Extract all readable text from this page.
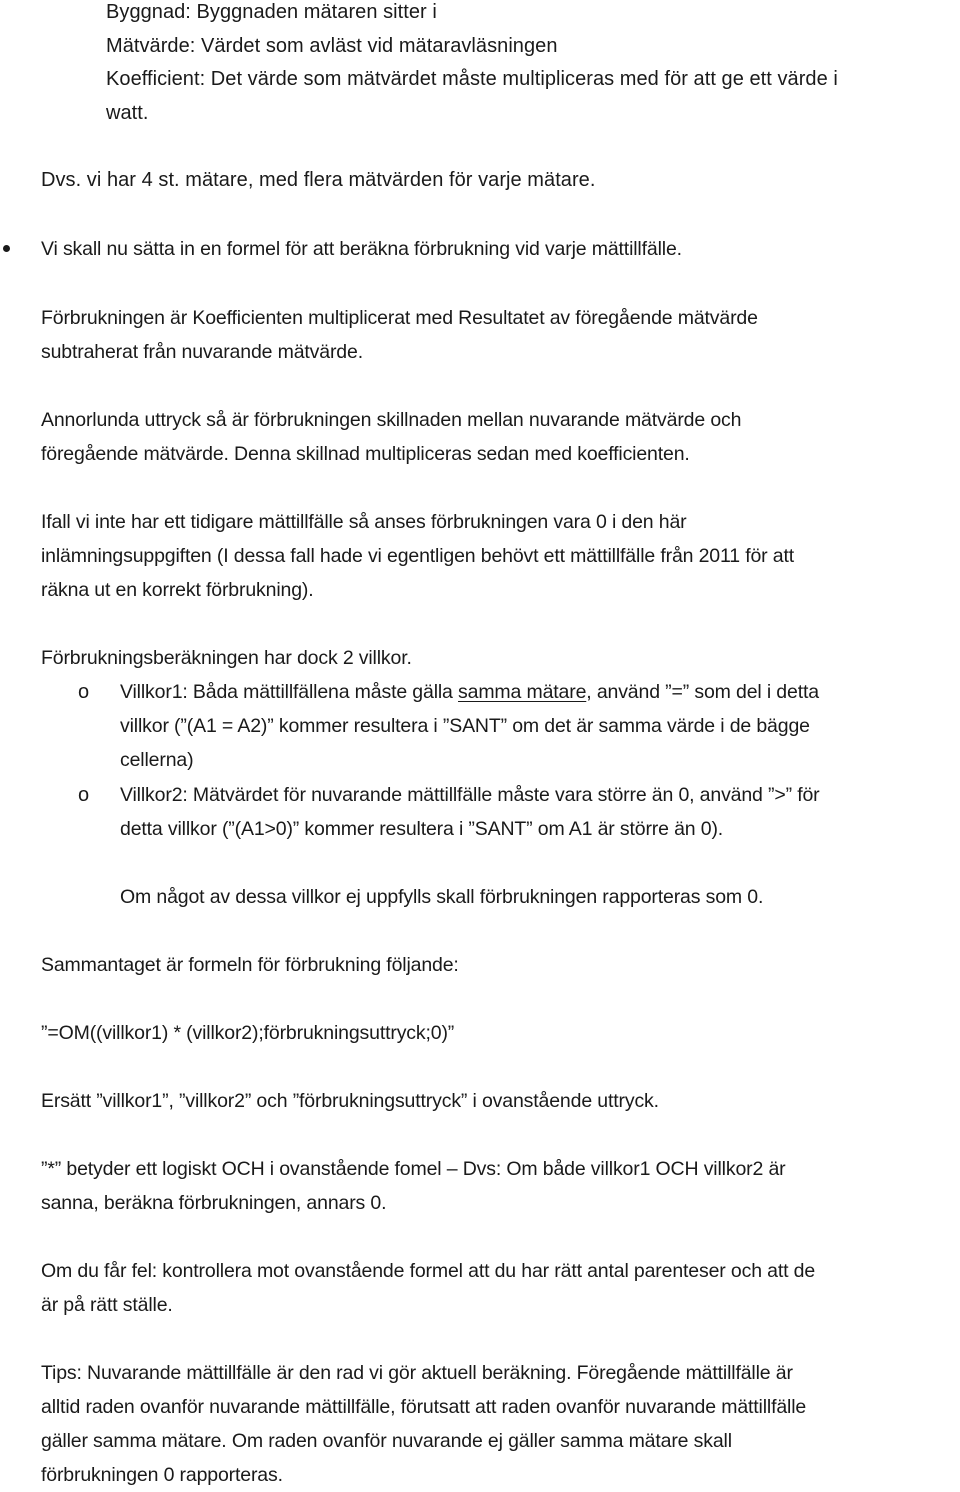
Byggnad: Byggnaden mätaren sitter i
Mätvärde: Värdet som avläst vid mätaravläsningen
Koefficient: Det värde som mätvärdet måste multipliceras med för att ge ett värde i
watt.
Dvs. vi har 4 st. mätare, med flera mätvärden för varje mätare.
Vi skall nu sätta in en formel för att beräkna förbrukning vid varje mättillfälle.
Förbrukningen är Koefficienten multiplicerat med Resultatet av föregående mätvärde
subtraherat från nuvarande mätvärde.
Annorlunda uttryck så är förbrukningen skillnaden mellan nuvarande mätvärde och
föregående mätvärde. Denna skillnad multipliceras sedan med koefficienten.
Ifall vi inte har ett tidigare mättillfälle så anses förbrukningen vara 0 i den här
inlämningsuppgiften (I dessa fall hade vi egentligen behövt ett mättillfälle från 2011 för att
räkna ut en korrekt förbrukning).
Förbrukningsberäkningen har dock 2 villkor.
o Villkor1: Båda mättillfällena måste gälla samma mätare, använd ”=” som del i detta
villkor (”(A1 = A2)” kommer resultera i ”SANT” om det är samma värde i de bägge
cellerna)
o Villkor2: Mätvärdet för nuvarande mättillfälle måste vara större än 0, använd ”>” för
detta villkor (”(A1>0)” kommer resultera i ”SANT” om A1 är större än 0).
Om något av dessa villkor ej uppfylls skall förbrukningen rapporteras som 0.
Sammantaget är formeln för förbrukning följande:
”=OM((villkor1) * (villkor2);förbrukningsuttryck;0)”
Ersätt ”villkor1”, ”villkor2” och ”förbrukningsuttryck” i ovanstående uttryck.
”*” betyder ett logiskt OCH i ovanstående fomel – Dvs: Om både villkor1 OCH villkor2 är
sanna, beräkna förbrukningen, annars 0.
Om du får fel: kontrollera mot ovanstående formel att du har rätt antal parenteser och att de
är på rätt ställe.
Tips: Nuvarande mättillfälle är den rad vi gör aktuell beräkning. Föregående mättillfälle är
alltid raden ovanför nuvarande mättillfälle, förutsatt att raden ovanför nuvarande mättillfälle
gäller samma mätare. Om raden ovanför nuvarande ej gäller samma mätare skall
förbrukningen 0 rapporteras.
